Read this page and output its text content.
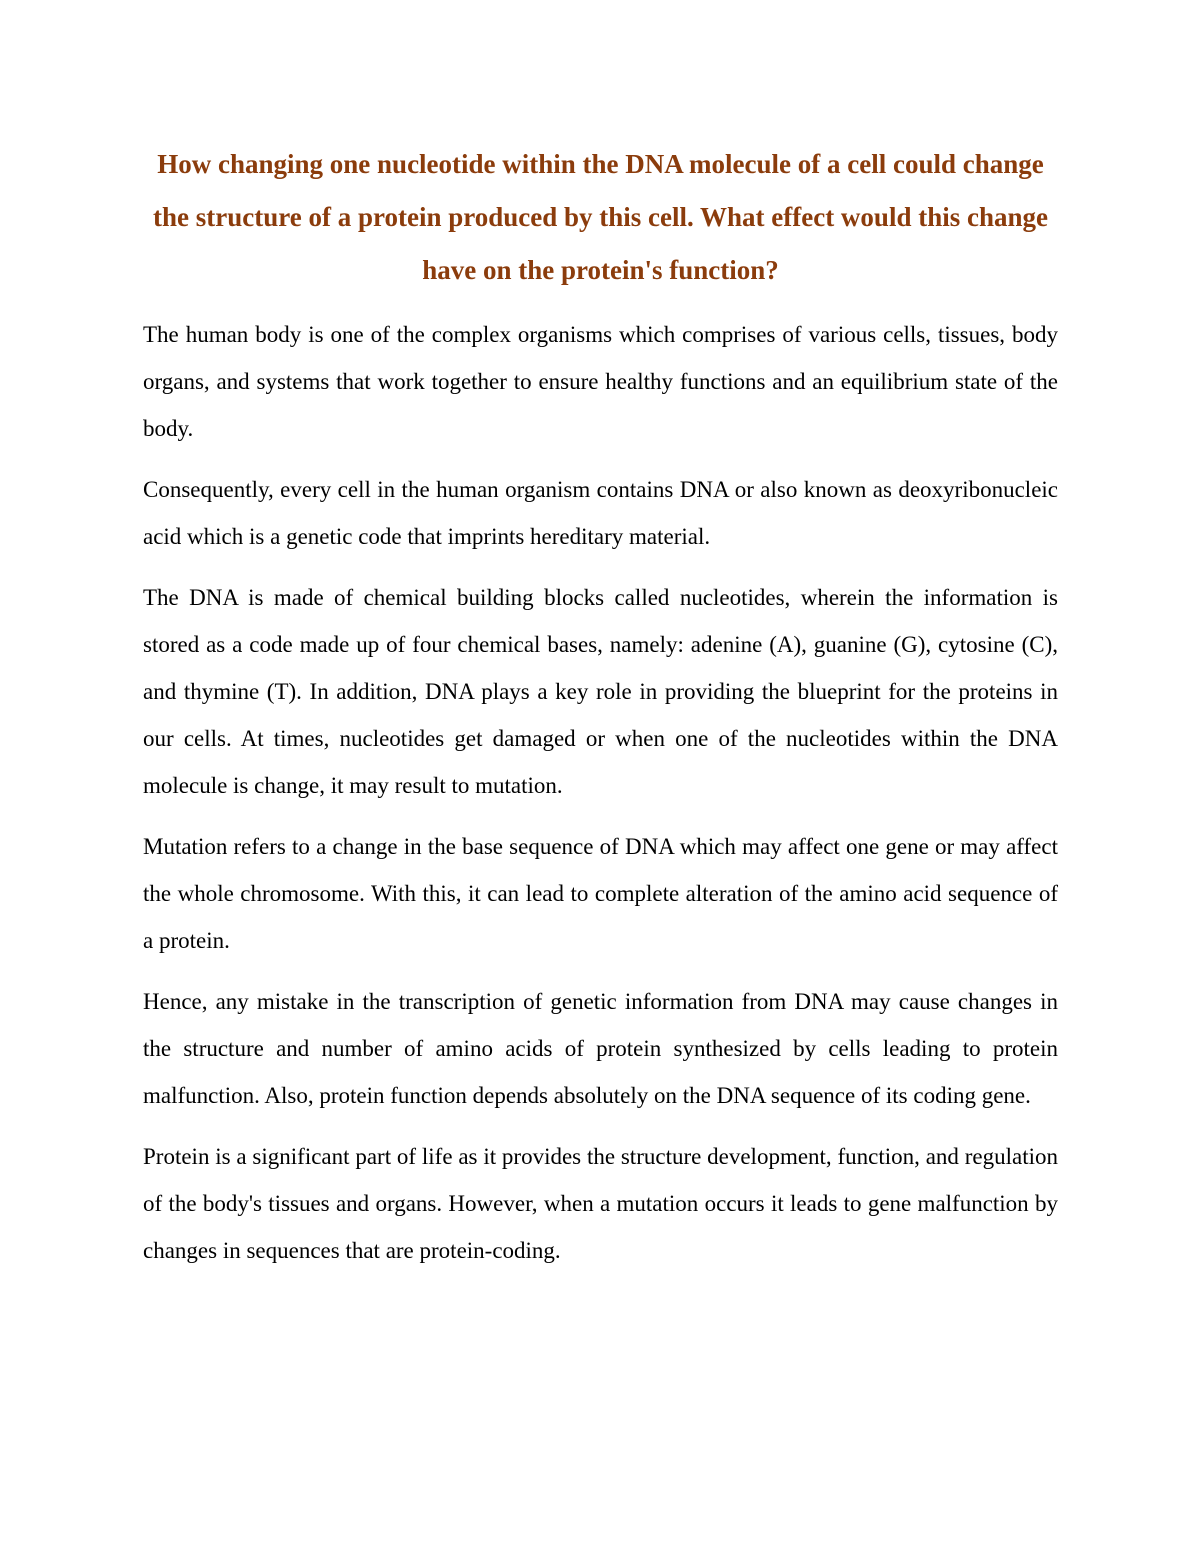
How changing one nucleotide within the DNA molecule of a cell could change the structure of a protein produced by this cell. What effect would this change have on the protein's function?

The human body is one of the complex organisms which comprises of various cells, tissues, body organs, and systems that work together to ensure healthy functions and an equilibrium state of the body.

Consequently, every cell in the human organism contains DNA or also known as deoxyribonucleic acid which is a genetic code that imprints hereditary material.

The DNA is made of chemical building blocks called nucleotides, wherein the information is stored as a code made up of four chemical bases, namely: adenine (A), guanine (G), cytosine (C), and thymine (T). In addition, DNA plays a key role in providing the blueprint for the proteins in our cells. At times, nucleotides get damaged or when one of the nucleotides within the DNA molecule is change, it may result to mutation.

Mutation refers to a change in the base sequence of DNA which may affect one gene or may affect the whole chromosome. With this, it can lead to complete alteration of the amino acid sequence of a protein.

Hence, any mistake in the transcription of genetic information from DNA may cause changes in the structure and number of amino acids of protein synthesized by cells leading to protein malfunction. Also, protein function depends absolutely on the DNA sequence of its coding gene.

Protein is a significant part of life as it provides the structure development, function, and regulation of the body's tissues and organs. However, when a mutation occurs it leads to gene malfunction by changes in sequences that are protein-coding.
